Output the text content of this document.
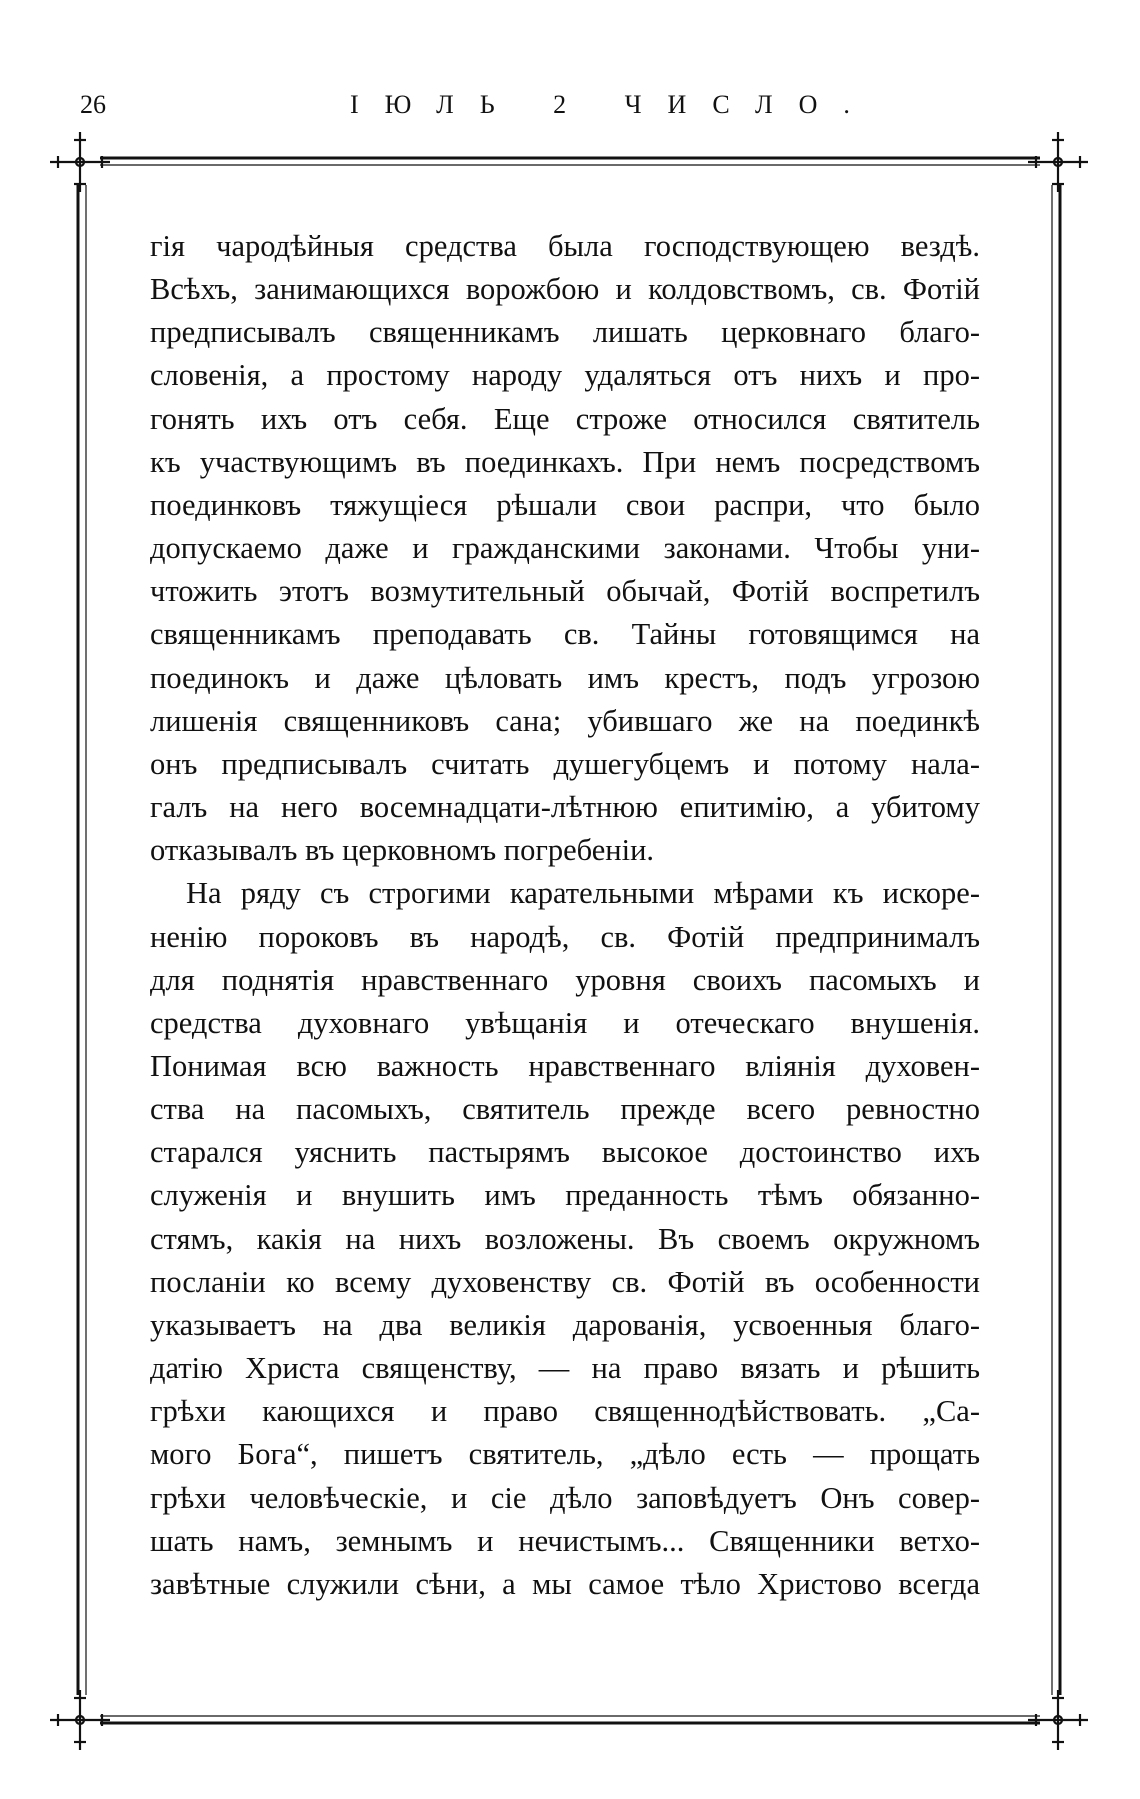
26	ІЮЛЬ 2 ЧИСЛО.

гія чародѣйныя средства была господствующею вездѣ.
Всѣхъ, занимающихся ворожбою и колдовствомъ, св. Фотій
предписывалъ священникамъ лишать церковнаго благо-
словенія, а простому народу удаляться отъ нихъ и про-
гонять ихъ отъ себя. Еще строже относился святитель
къ участвующимъ въ поединкахъ. При немъ посредствомъ
поединковъ тяжущіеся рѣшали свои распри, что было
допускаемо даже и гражданскими законами. Чтобы уни-
чтожить этотъ возмутительный обычай, Фотій воспретилъ
священникамъ преподавать св. Тайны готовящимся на
поединокъ и даже цѣловать имъ крестъ, подъ угрозою
лишенія священниковъ сана; убившаго же на поединкѣ
онъ предписывалъ считать душегубцемъ и потому нала-
галъ на него восемнадцати-лѣтнюю епитимію, а убитому
отказывалъ въ церковномъ погребеніи.

На ряду съ строгими карательными мѣрами къ искоре-
ненію пороковъ въ народѣ, св. Фотій предпринималъ
для поднятія нравственнаго уровня своихъ пасомыхъ и
средства духовнаго увѣщанія и отеческаго внушенія.
Понимая всю важность нравственнаго вліянія духовен-
ства на пасомыхъ, святитель прежде всего ревностно
старался уяснить пастырямъ высокое достоинство ихъ
служенія и внушить имъ преданность тѣмъ обязанно-
стямъ, какія на нихъ возложены. Въ своемъ окружномъ
посланіи ко всему духовенству св. Фотій въ особенности
указываетъ на два великія дарованія, усвоенныя благо-
датію Христа священству, — на право вязать и рѣшить
грѣхи кающихся и право священнодѣйствовать. „Са-
мого Бога“, пишетъ святитель, „дѣло есть — прощать
грѣхи человѣческіе, и сіе дѣло заповѣдуетъ Онъ совер-
шать намъ, земнымъ и нечистымъ... Священники ветхо-
завѣтные служили сѣни, а мы самое тѣло Христово всегда
